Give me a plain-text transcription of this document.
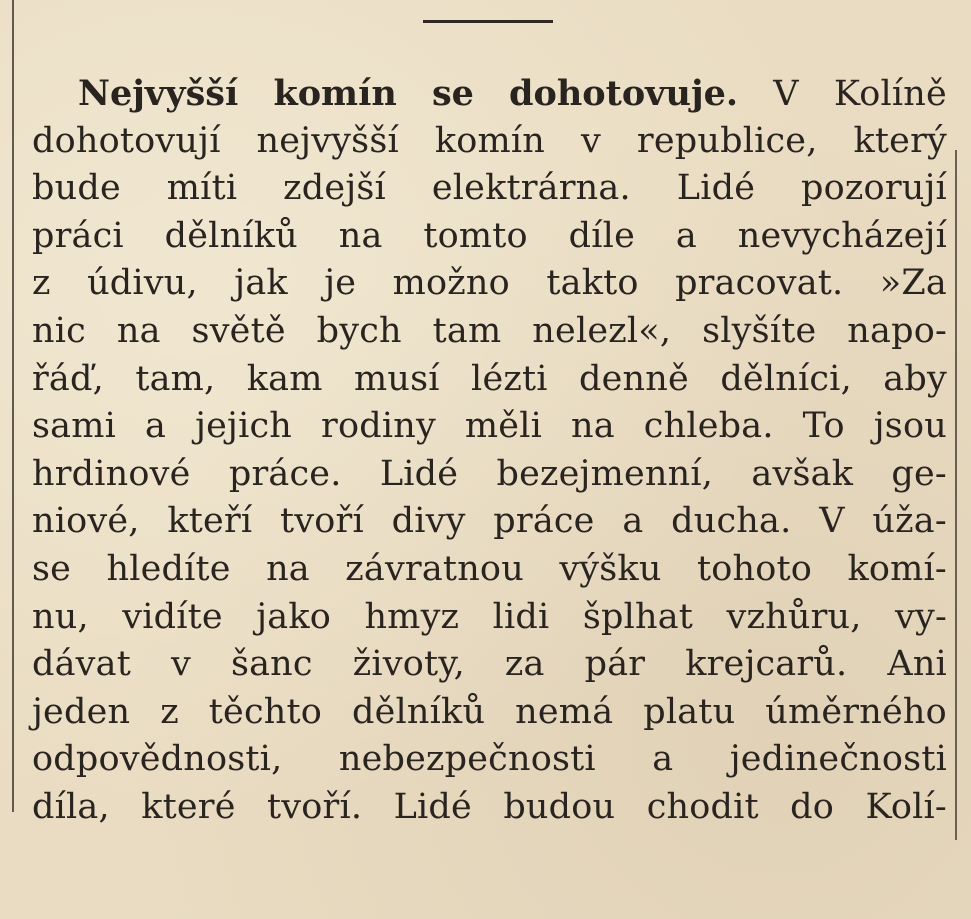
Nejvyšší komín se dohotovuje. V Kolíně
dohotovují nejvyšší komín v republice, který
bude míti zdejší elektrárna. Lidé pozorují
práci dělníků na tomto díle a nevycházejí
z údivu, jak je možno takto pracovat. »Za
nic na světě bych tam nelezl«, slyšíte napo-
řáď, tam, kam musí lézti denně dělníci, aby
sami a jejich rodiny měli na chleba. To jsou
hrdinové práce. Lidé bezejmenní, avšak ge-
niové, kteří tvoří divy práce a ducha. V úža-
se hledíte na závratnou výšku tohoto komí-
nu, vidíte jako hmyz lidi šplhat vzhůru, vy-
dávat v šanc životy, za pár krejcarů. Ani
jeden z těchto dělníků nemá platu úměrného
odpovědnosti, nebezpečnosti a jedinečnosti
díla, které tvoří. Lidé budou chodit do Kolí-
